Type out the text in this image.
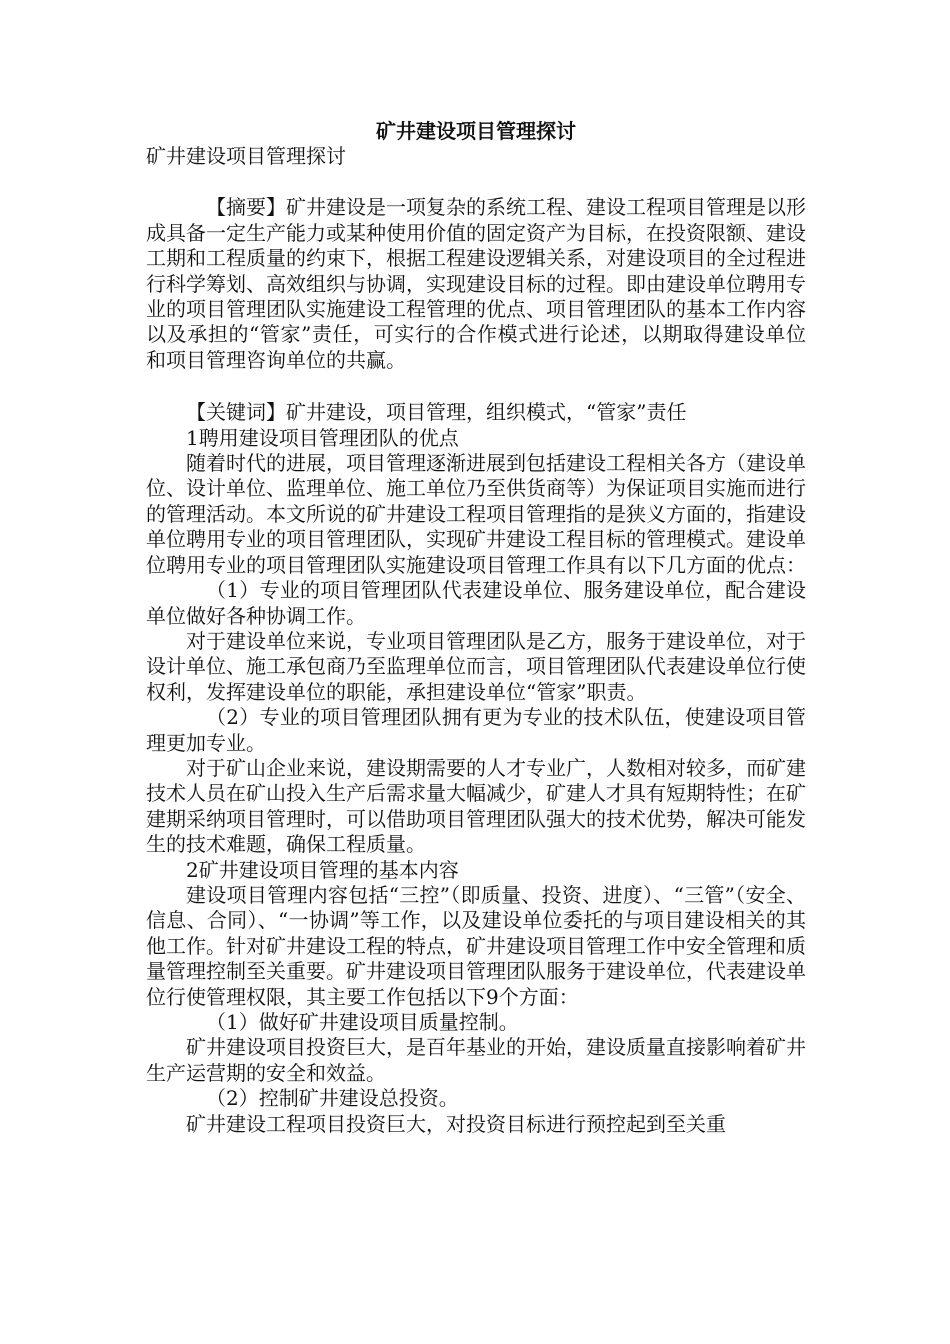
矿井建设项目管理探讨

矿井建设项目管理探讨

【摘要】矿井建设是一项复杂的系统工程、建设工程项目管理是以形成具备一定生产能力或某种使用价值的固定资产为目标，在投资限额、建设工期和工程质量的约束下，根据工程建设逻辑关系，对建设项目的全过程进行科学筹划、高效组织与协调，实现建设目标的过程。即由建设单位聘用专业的项目管理团队实施建设工程管理的优点、项目管理团队的基本工作内容以及承担的“管家”责任，可实行的合作模式进行论述，以期取得建设单位和项目管理咨询单位的共赢。

【关键词】矿井建设，项目管理，组织模式，“管家”责任

1聘用建设项目管理团队的优点

随着时代的进展，项目管理逐渐进展到包括建设工程相关各方（建设单位、设计单位、监理单位、施工单位乃至供货商等）为保证项目实施而进行的管理活动。本文所说的矿井建设工程项目管理指的是狭义方面的，指建设单位聘用专业的项目管理团队，实现矿井建设工程目标的管理模式。建设单位聘用专业的项目管理团队实施建设项目管理工作具有以下几方面的优点：

（1）专业的项目管理团队代表建设单位、服务建设单位，配合建设单位做好各种协调工作。

对于建设单位来说，专业项目管理团队是乙方，服务于建设单位，对于设计单位、施工承包商乃至监理单位而言，项目管理团队代表建设单位行使权利，发挥建设单位的职能，承担建设单位“管家”职责。

（2）专业的项目管理团队拥有更为专业的技术队伍，使建设项目管理更加专业。

对于矿山企业来说，建设期需要的人才专业广，人数相对较多，而矿建技术人员在矿山投入生产后需求量大幅减少，矿建人才具有短期特性；在矿建期采纳项目管理时，可以借助项目管理团队强大的技术优势，解决可能发生的技术难题，确保工程质量。

2矿井建设项目管理的基本内容

建设项目管理内容包括“三控”（即质量、投资、进度）、“三管”（安全、信息、合同）、“一协调”等工作，以及建设单位委托的与项目建设相关的其他工作。针对矿井建设工程的特点，矿井建设项目管理工作中安全管理和质量管理控制至关重要。矿井建设项目管理团队服务于建设单位，代表建设单位行使管理权限，其主要工作包括以下9个方面：

（1）做好矿井建设项目质量控制。

矿井建设项目投资巨大，是百年基业的开始，建设质量直接影响着矿井生产运营期的安全和效益。

（2）控制矿井建设总投资。

矿井建设工程项目投资巨大，对投资目标进行预控起到至关重
